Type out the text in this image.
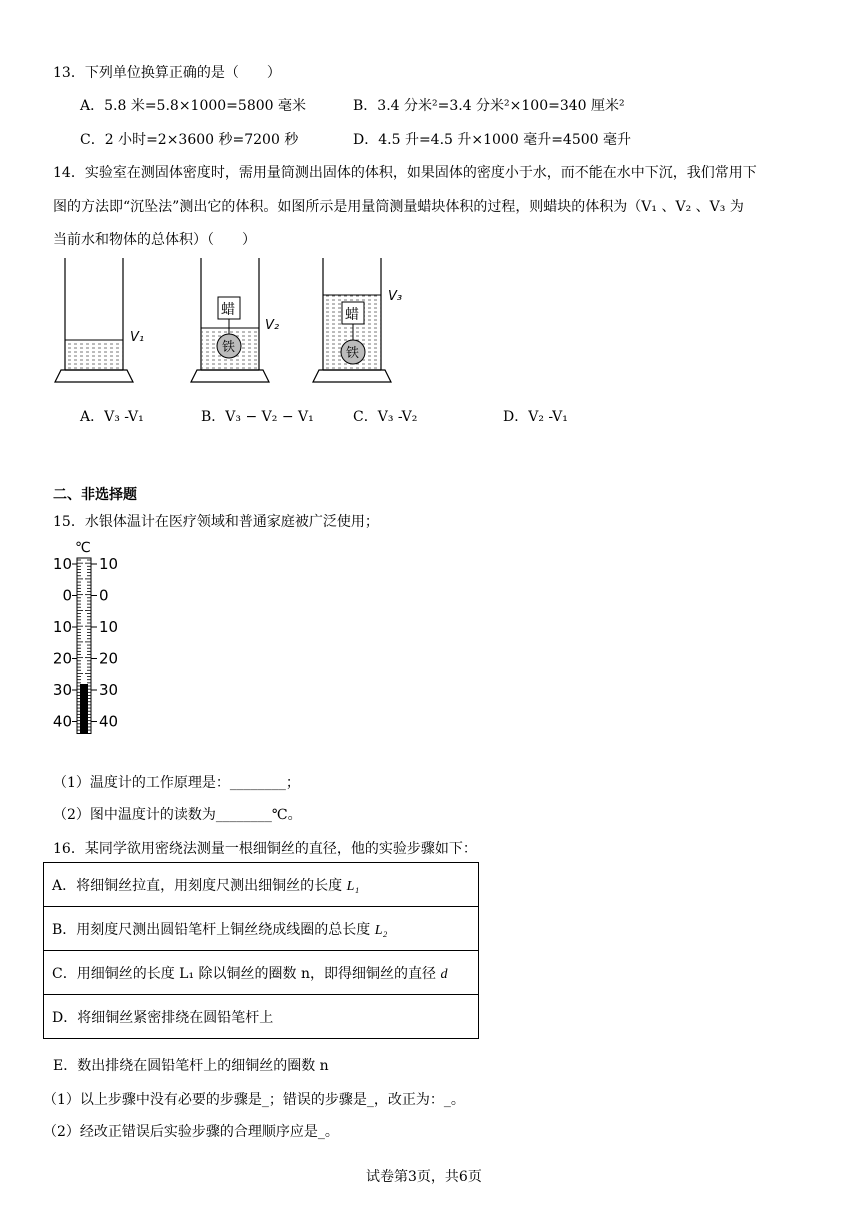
13．下列单位换算正确的是（　　）
A．5.8 米=5.8×1000=5800 毫米	B．3.4 分米²=3.4 分米²×100=340 厘米²
C．2 小时=2×3600 秒=7200 秒	D．4.5 升=4.5 升×1000 毫升=4500 毫升
14．实验室在测固体密度时，需用量筒测出固体的体积，如果固体的密度小于水，而不能在水中下沉，我们常用下
图的方法即“沉坠法”测出它的体积。如图所示是用量筒测量蜡块体积的过程，则蜡块的体积为（V₁ 、V₂ 、V₃ 为
当前水和物体的总体积）（　　）
V₁
蜡
铁
V₂
蜡
铁
V₃
A．V₃ -V₁	B．V₃ − V₂ − V₁	C．V₃ -V₂	D．V₂ -V₁
二、非选择题
15．水银体温计在医疗领域和普通家庭被广泛使用；
℃
10
0
10
20
30
40
10
0
10
20
30
40
（1）温度计的工作原理是：________；
（2）图中温度计的读数为________℃。
16．某同学欲用密绕法测量一根细铜丝的直径，他的实验步骤如下：
A．将细铜丝拉直，用刻度尺测出细铜丝的长度 L₁
B．用刻度尺测出圆铅笔杆上铜丝绕成线圈的总长度 L₂
C．用细铜丝的长度 L₁ 除以铜丝的圈数 n，即得细铜丝的直径 d
D．将细铜丝紧密排绕在圆铅笔杆上
E．数出排绕在圆铅笔杆上的细铜丝的圈数 n
（1）以上步骤中没有必要的步骤是_；错误的步骤是_，改正为：_。
（2）经改正错误后实验步骤的合理顺序应是_。
试卷第3页，共6页
